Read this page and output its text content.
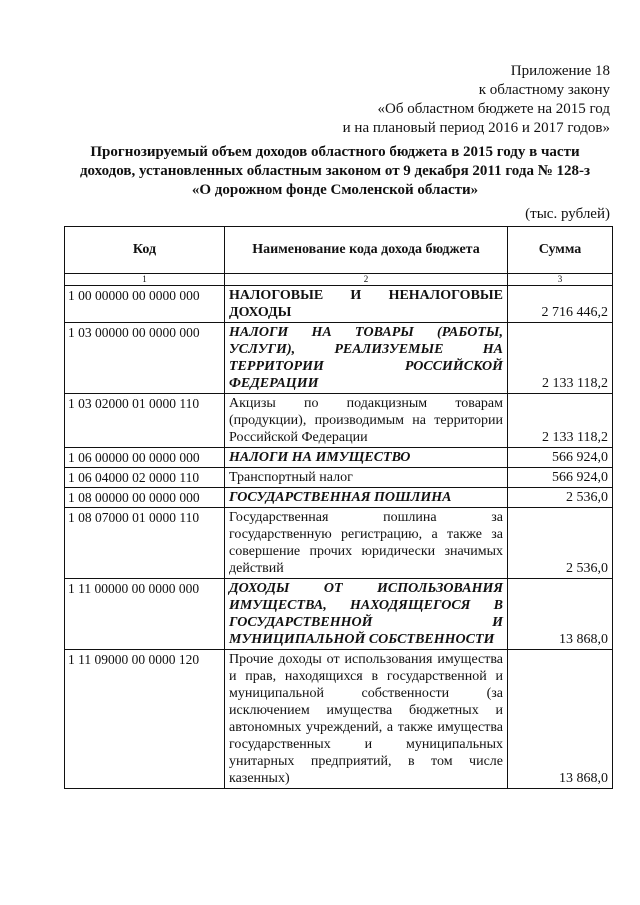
Приложение 18
к областному закону
«Об областном бюджете на 2015 год
и на плановый период 2016 и 2017 годов»
Прогнозируемый объем доходов областного бюджета в 2015 году в части
доходов, установленных областным законом от 9 декабря 2011 года № 128-з
«О дорожном фонде Смоленской области»
(тыс. рублей)
Код	Наименование кода дохода бюджета	Сумма
1	2	3
1 00 00000 00 0000 000	НАЛОГОВЫЕ И НЕНАЛОГОВЫЕ ДОХОДЫ	2 716 446,2
1 03 00000 00 0000 000	НАЛОГИ НА ТОВАРЫ (РАБОТЫ, УСЛУГИ), РЕАЛИЗУЕМЫЕ НА ТЕРРИТОРИИ РОССИЙСКОЙ ФЕДЕРАЦИИ	2 133 118,2
1 03 02000 01 0000 110	Акцизы по подакцизным товарам (продукции), производимым на территории Российской Федерации	2 133 118,2
1 06 00000 00 0000 000	НАЛОГИ НА ИМУЩЕСТВО	566 924,0
1 06 04000 02 0000 110	Транспортный налог	566 924,0
1 08 00000 00 0000 000	ГОСУДАРСТВЕННАЯ ПОШЛИНА	2 536,0
1 08 07000 01 0000 110	Государственная пошлина за государственную регистрацию, а также за совершение прочих юридически значимых действий	2 536,0
1 11 00000 00 0000 000	ДОХОДЫ ОТ ИСПОЛЬЗОВАНИЯ ИМУЩЕСТВА, НАХОДЯЩЕГОСЯ В ГОСУДАРСТВЕННОЙ И МУНИЦИПАЛЬНОЙ СОБСТВЕННОСТИ	13 868,0
1 11 09000 00 0000 120	Прочие доходы от использования имущества и прав, находящихся в государственной и муниципальной собственности (за исключением имущества бюджетных и автономных учреждений, а также имущества государственных и муниципальных унитарных предприятий, в том числе казенных)	13 868,0
